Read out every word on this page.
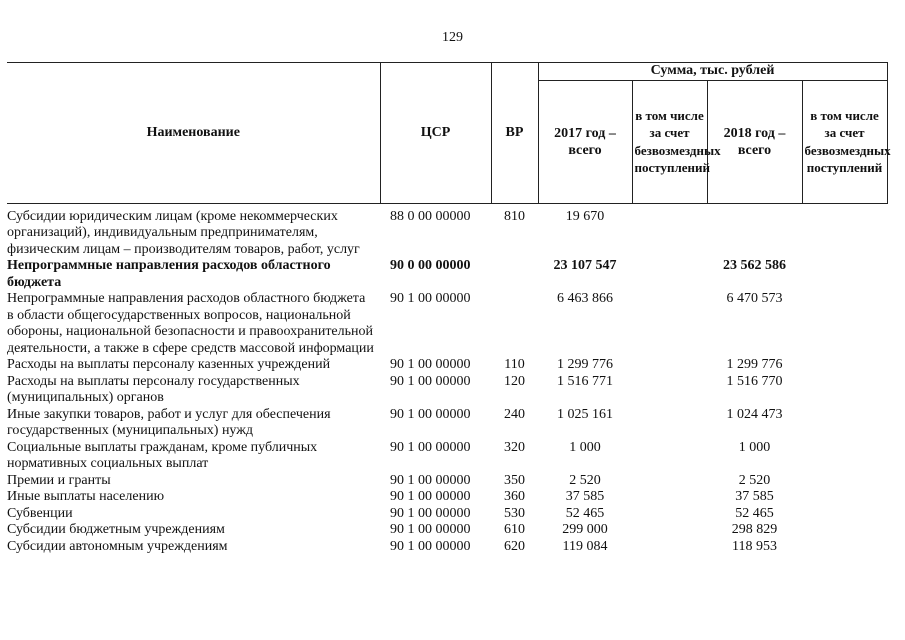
129
Наименование	ЦСР	ВР	Сумма, тыс. рублей			
			2017 год – всего	в том числе за счет безвозмездных поступлений	2018 год – всего	в том числе за счет безвозмездных поступлений
Субсидии юридическим лицам (кроме некоммерческих организаций), индивидуальным предпринимателям, физическим лицам – производителям товаров, работ, услуг	88 0 00 00000	810	19 670			
Непрограммные направления расходов областного бюджета	90 0 00 00000		23 107 547		23 562 586	
Непрограммные направления расходов областного бюджета в области общегосударственных вопросов, национальной обороны, национальной безопасности и правоохранительной деятельности, а также в сфере средств массовой информации	90 1 00 00000		6 463 866		6 470 573	
Расходы на выплаты персоналу казенных учреждений	90 1 00 00000	110	1 299 776		1 299 776	
Расходы на выплаты персоналу государственных (муниципальных) органов	90 1 00 00000	120	1 516 771		1 516 770	
Иные закупки товаров, работ и услуг для обеспечения государственных (муниципальных) нужд	90 1 00 00000	240	1 025 161		1 024 473	
Социальные выплаты гражданам, кроме публичных нормативных социальных выплат	90 1 00 00000	320	1 000		1 000	
Премии и гранты	90 1 00 00000	350	2 520		2 520	
Иные выплаты населению	90 1 00 00000	360	37 585		37 585	
Субвенции	90 1 00 00000	530	52 465		52 465	
Субсидии бюджетным учреждениям	90 1 00 00000	610	299 000		298 829	
Субсидии автономным учреждениям	90 1 00 00000	620	119 084		118 953	
